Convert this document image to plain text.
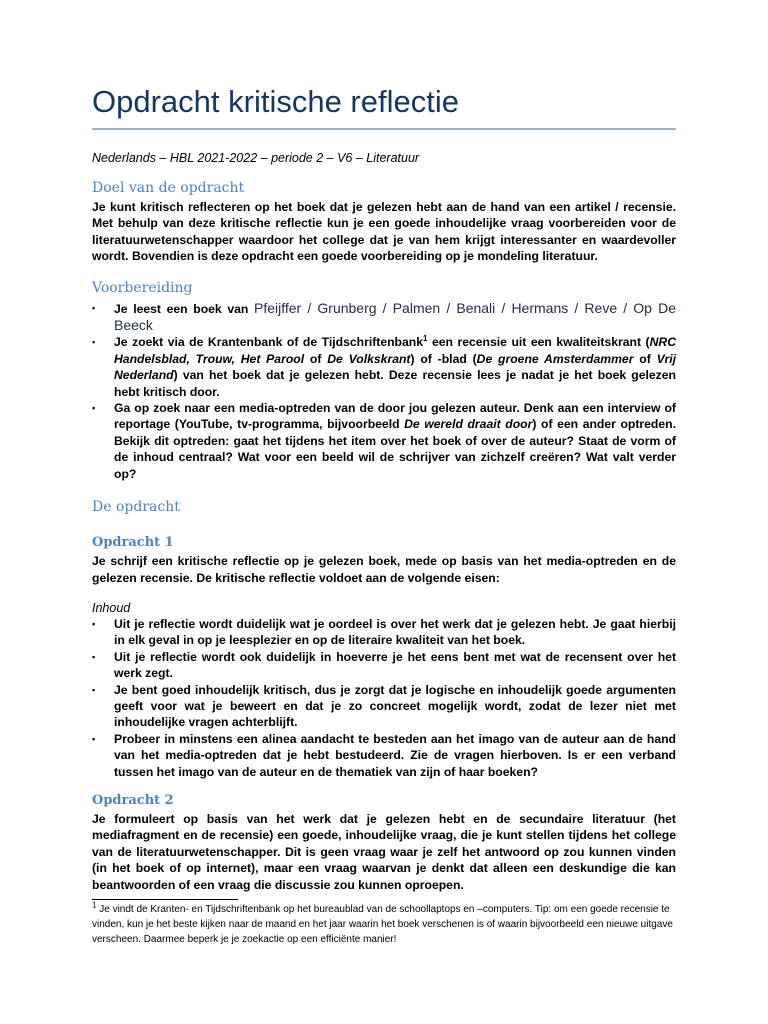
Opdracht kritische reflectie

Nederlands – HBL 2021-2022 – periode 2 – V6 – Literatuur

Doel van de opdracht

Je kunt kritisch reflecteren op het boek dat je gelezen hebt aan de hand van een artikel / recensie. Met behulp van deze kritische reflectie kun je een goede inhoudelijke vraag voorbereiden voor de literatuurwetenschapper waardoor het college dat je van hem krijgt interessanter en waardevoller wordt. Bovendien is deze opdracht een goede voorbereiding op je mondeling literatuur.

Voorbereiding
▪ Je leest een boek van Pfeijffer / Grunberg / Palmen / Benali / Hermans / Reve / Op De Beeck
▪ Je zoekt via de Krantenbank of de Tijdschriftenbank$^1$ een recensie uit een kwaliteitskrant (NRC Handelsblad, Trouw, Het Parool of De Volkskrant) of -blad (De groene Amsterdammer of Vrij Nederland) van het boek dat je gelezen hebt. Deze recensie lees je nadat je het boek gelezen hebt kritisch door.
▪ Ga op zoek naar een media-optreden van de door jou gelezen auteur. Denk aan een interview of reportage (YouTube, tv-programma, bijvoorbeeld De wereld draait door) of een ander optreden. Bekijk dit optreden: gaat het tijdens het item over het boek of over de auteur? Staat de vorm of de inhoud centraal? Wat voor een beeld wil de schrijver van zichzelf creëren? Wat valt verder op?
De opdracht
Opdracht 1

Je schrijf een kritische reflectie op je gelezen boek, mede op basis van het media-optreden en de gelezen recensie. De kritische reflectie voldoet aan de volgende eisen:

Inhoud

▪ Uit je reflectie wordt duidelijk wat je oordeel is over het werk dat je gelezen hebt. Je gaat hierbij in elk geval in op je leesplezier en op de literaire kwaliteit van het boek.
▪ Uit je reflectie wordt ook duidelijk in hoeverre je het eens bent met wat de recensent over het werk zegt.
▪ Je bent goed inhoudelijk kritisch, dus je zorgt dat je logische en inhoudelijk goede argumenten geeft voor wat je beweert en dat je zo concreet mogelijk wordt, zodat de lezer niet met inhoudelijke vragen achterblijft.
▪ Probeer in minstens een alinea aandacht te besteden aan het imago van de auteur aan de hand van het media-optreden dat je hebt bestudeerd. Zie de vragen hierboven. Is er een verband tussen het imago van de auteur en de thematiek van zijn of haar boeken?
Opdracht 2

Je formuleert op basis van het werk dat je gelezen hebt en de secundaire literatuur (het mediafragment en de recensie) een goede, inhoudelijke vraag, die je kunt stellen tijdens het college van de literatuurwetenschapper. Dit is geen vraag waar je zelf het antwoord op zou kunnen vinden (in het boek of op internet), maar een vraag waarvan je denkt dat alleen een deskundige die kan beantwoorden of een vraag die discussie zou kunnen oproepen.

$^1$ Je vindt de Kranten- en Tijdschriftenbank op het bureaublad van de schoollaptops en –computers. Tip: om een goede recensie te vinden, kun je het beste kijken naar de maand en het jaar waarin het boek verschenen is of waarin bijvoorbeeld een nieuwe uitgave verscheen. Daarmee beperk je je zoekactie op een efficiënte manier!
